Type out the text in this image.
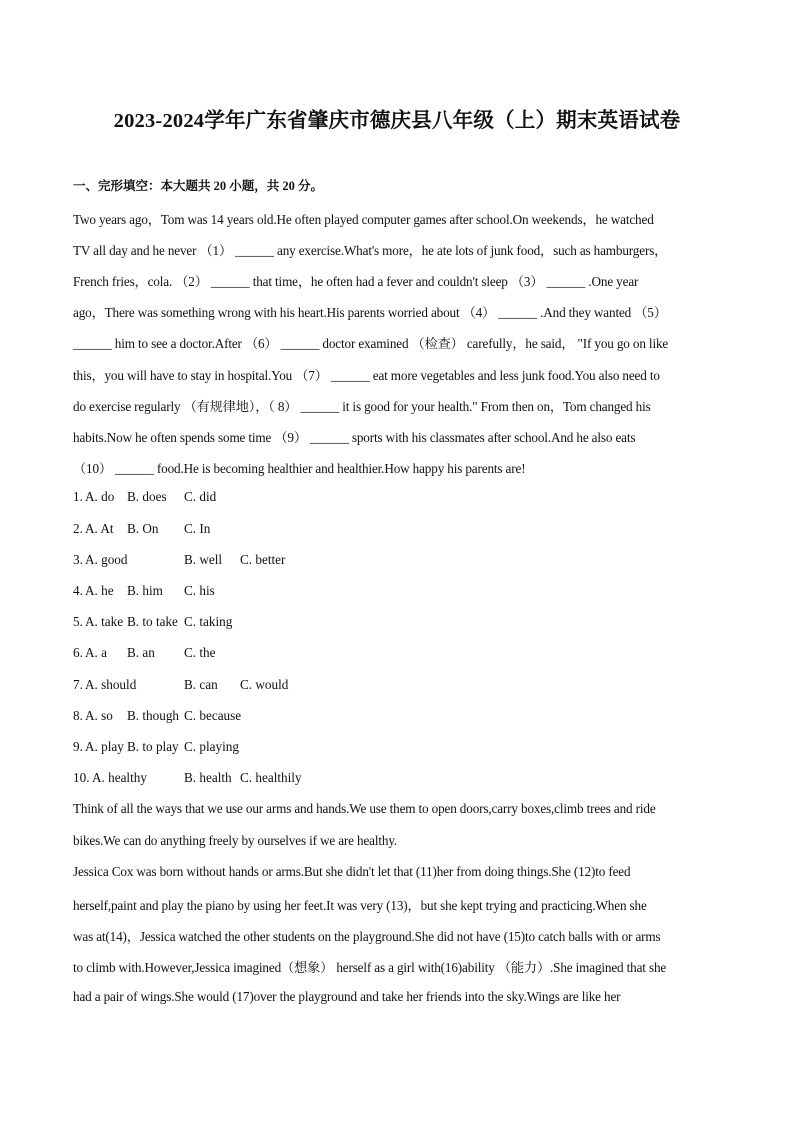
2023-2024学年广东省肇庆市德庆县八年级（上）期末英语试卷
一、完形填空：本大题共 20 小题，共 20 分。
Two years ago，Tom was 14 years old.He often played computer games after school.On weekends，he watched
TV all day and he never （1） ______ any exercise.What's more，he ate lots of junk food，such as hamburgers，
French fries，cola. （2） ______ that time，he often had a fever and couldn't sleep （3） ______ .One year
ago，There was something wrong with his heart.His parents worried about （4） ______ .And they wanted （5）
______ him to see a doctor.After （6） ______ doctor examined （检查） carefully，he said， "If you go on like
this，you will have to stay in hospital.You （7） ______ eat more vegetables and less junk food.You also need to
do exercise regularly （有规律地），（ 8） ______ it is good for your health." From then on，Tom changed his
habits.Now he often spends some time （9） ______ sports with his classmates after school.And he also eats
（10） ______ food.He is becoming healthier and healthier.How happy his parents are!
1. A. do B. does C. did
2. A. At B. On C. In
3. A. good	B. well C. better
4. A. he B. him C. his
5. A. take B. to take C. taking
6. A. a B. an C. the
7. A. should	B. can C. would
8. A. so B. though C. because
9. A. play B. to play C. playing
10. A. healthy	B. health C. healthily
Think of all the ways that we use our arms and hands.We use them to open doors,carry boxes,climb trees and ride
bikes.We can do anything freely by ourselves if we are healthy.
Jessica Cox was born without hands or arms.But she didn't let that (11)her from doing things.She (12)to feed
herself,paint and play the piano by using her feet.It was very (13)，but she kept trying and practicing.When she
was at(14)，Jessica watched the other students on the playground.She did not have (15)to catch balls with or arms
to climb with.However,Jessica imagined（想象） herself as a girl with(16)ability （能力）.She imagined that she
had a pair of wings.She would (17)over the playground and take her friends into the sky.Wings are like her
